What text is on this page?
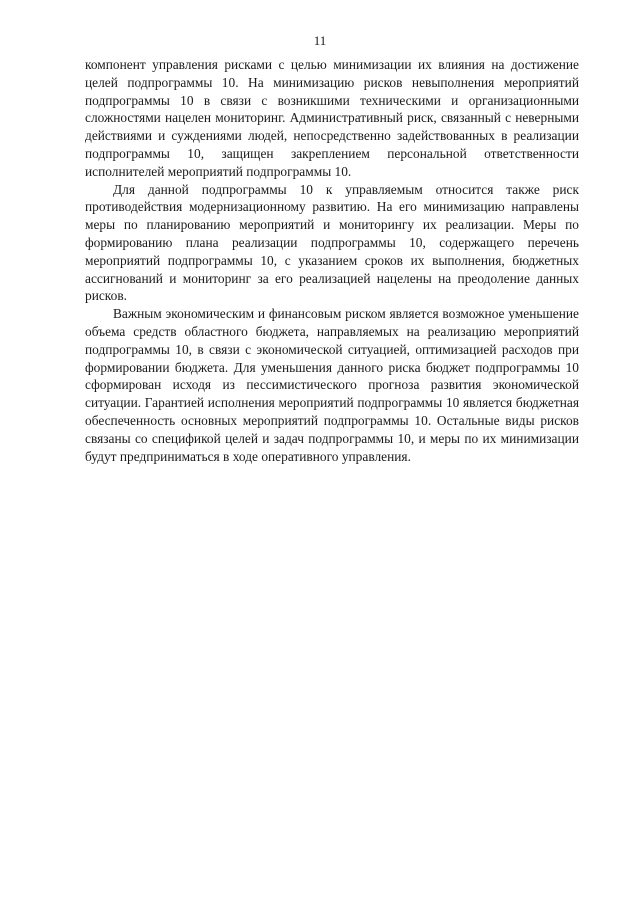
11

компонент управления рисками с целью минимизации их влияния на достижение целей подпрограммы 10. На минимизацию рисков невыполнения мероприятий подпрограммы 10 в связи с возникшими техническими и организационными сложностями нацелен мониторинг. Административный риск, связанный с неверными действиями и суждениями людей, непосредственно задействованных в реализации подпрограммы 10, защищен закреплением персональной ответственности исполнителей мероприятий подпрограммы 10.

Для данной подпрограммы 10 к управляемым относится также риск противодействия модернизационному развитию. На его минимизацию направлены меры по планированию мероприятий и мониторингу их реализации. Меры по формированию плана реализации подпрограммы 10, содержащего перечень мероприятий подпрограммы 10, с указанием сроков их выполнения, бюджетных ассигнований и мониторинг за его реализацией нацелены на преодоление данных рисков.

Важным экономическим и финансовым риском является возможное уменьшение объема средств областного бюджета, направляемых на реализацию мероприятий подпрограммы 10, в связи с экономической ситуацией, оптимизацией расходов при формировании бюджета. Для уменьшения данного риска бюджет подпрограммы 10 сформирован исходя из пессимистического прогноза развития экономической ситуации. Гарантией исполнения мероприятий подпрограммы 10 является бюджетная обеспеченность основных мероприятий подпрограммы 10. Остальные виды рисков связаны со спецификой целей и задач подпрограммы 10, и меры по их минимизации будут предприниматься в ходе оперативного управления.
